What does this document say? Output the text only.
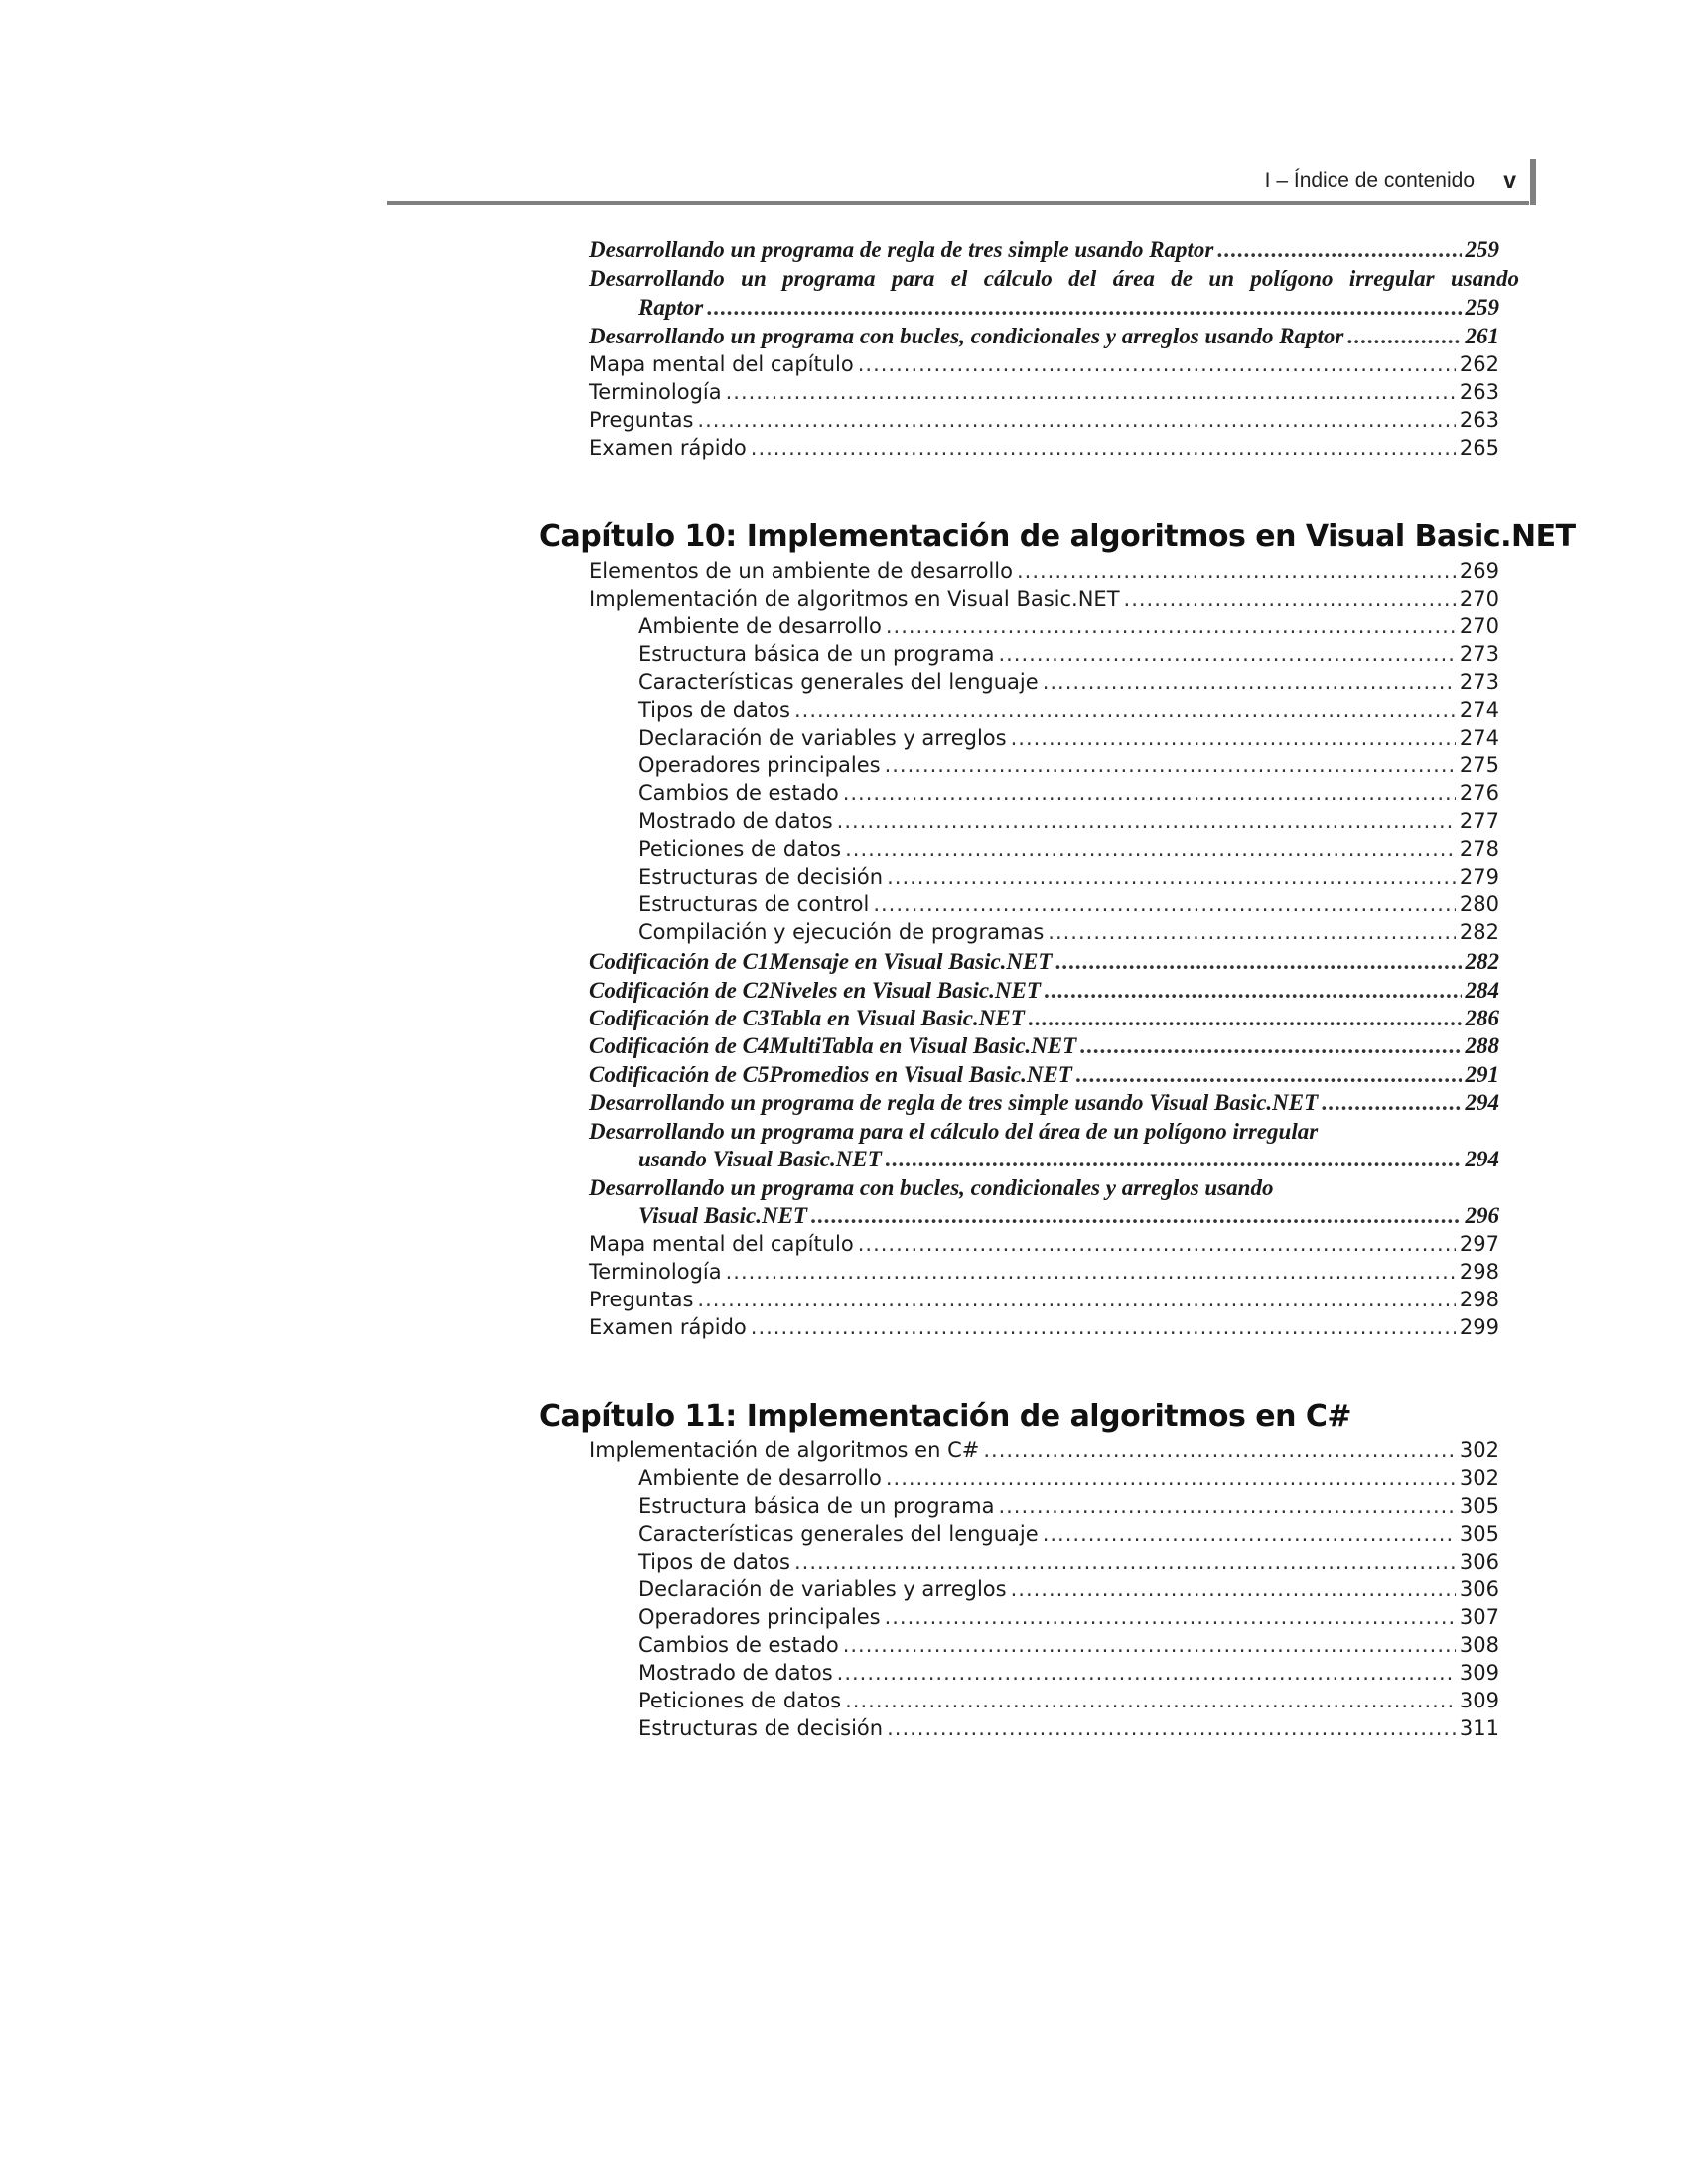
I – Índice de contenido v
Desarrollando un programa de regla de tres simple usando Raptor .....	259
Desarrollando un programa para el cálculo del área de un polígono irregular usando
Raptor .....	259
Desarrollando un programa con bucles, condicionales y arreglos usando Raptor .....	261
Mapa mental del capítulo .....	262
Terminología .....	263
Preguntas .....	263
Examen rápido .....	265
Capítulo 10: Implementación de algoritmos en Visual Basic.NET
Elementos de un ambiente de desarrollo .....	269
Implementación de algoritmos en Visual Basic.NET .....	270
Ambiente de desarrollo .....	270
Estructura básica de un programa .....	273
Características generales del lenguaje .....	273
Tipos de datos .....	274
Declaración de variables y arreglos .....	274
Operadores principales .....	275
Cambios de estado .....	276
Mostrado de datos .....	277
Peticiones de datos .....	278
Estructuras de decisión .....	279
Estructuras de control .....	280
Compilación y ejecución de programas .....	282
Codificación de C1Mensaje en Visual Basic.NET .....	282
Codificación de C2Niveles en Visual Basic.NET .....	284
Codificación de C3Tabla en Visual Basic.NET .....	286
Codificación de C4MultiTabla en Visual Basic.NET .....	288
Codificación de C5Promedios en Visual Basic.NET .....	291
Desarrollando un programa de regla de tres simple usando Visual Basic.NET .....	294
Desarrollando un programa para el cálculo del área de un polígono irregular
usando Visual Basic.NET .....	294
Desarrollando un programa con bucles, condicionales y arreglos usando
Visual Basic.NET .....	296
Mapa mental del capítulo .....	297
Terminología .....	298
Preguntas .....	298
Examen rápido .....	299
Capítulo 11: Implementación de algoritmos en C#
Implementación de algoritmos en C# .....	302
Ambiente de desarrollo .....	302
Estructura básica de un programa .....	305
Características generales del lenguaje .....	305
Tipos de datos .....	306
Declaración de variables y arreglos .....	306
Operadores principales .....	307
Cambios de estado .....	308
Mostrado de datos .....	309
Peticiones de datos .....	309
Estructuras de decisión .....	311
